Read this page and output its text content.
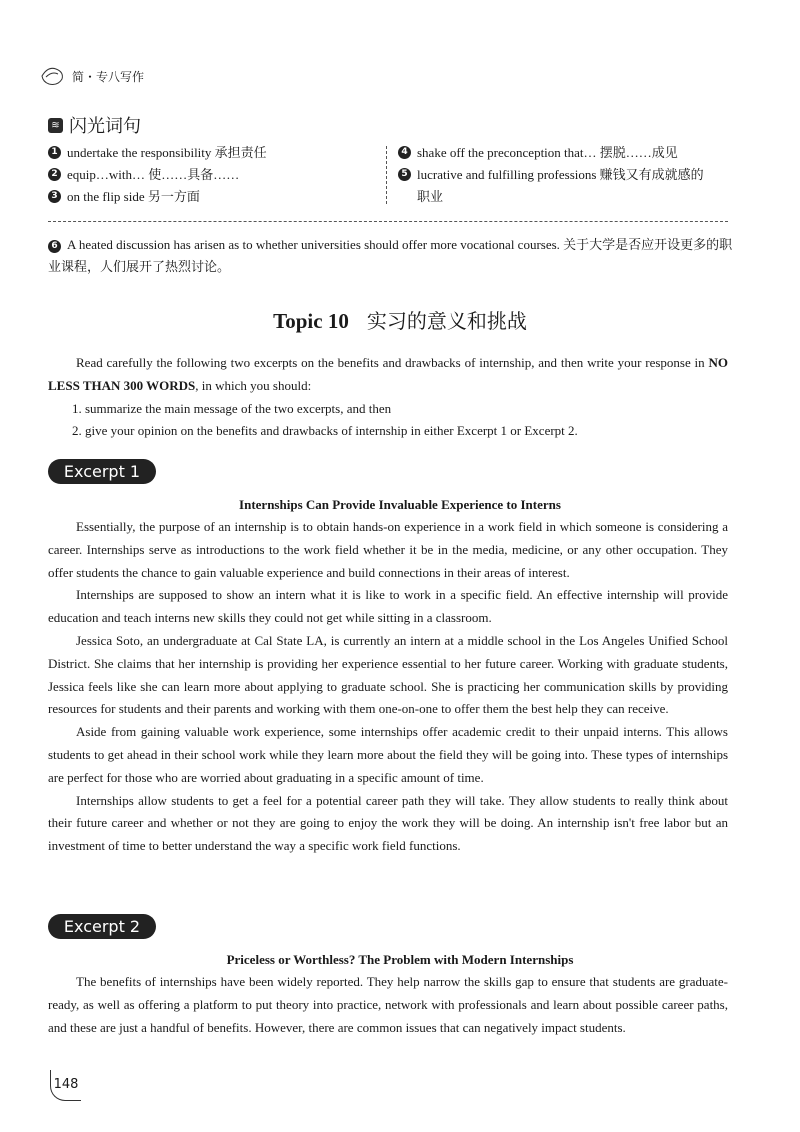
简・专八写作
≋ 闪光词句
1 undertake the responsibility 承担责任
2 equip…with… 使……具备……
3 on the flip side 另一方面
4 shake off the preconception that… 摆脱……成见
5 lucrative and fulfilling professions 赚钱又有成就感的
职业
6 A heated discussion has arisen as to whether universities should offer more vocational courses. 关于大学是否应开设更多的职业课程，人们展开了热烈讨论。
Topic 10 实习的意义和挑战

Read carefully the following two excerpts on the benefits and drawbacks of internship, and then write your response in NO LESS THAN 300 WORDS, in which you should:

1. summarize the main message of the two excerpts, and then

2. give your opinion on the benefits and drawbacks of internship in either Excerpt 1 or Excerpt 2.

Excerpt 1
Internships Can Provide Invaluable Experience to Interns

Essentially, the purpose of an internship is to obtain hands-on experience in a work field in which someone is considering a career. Internships serve as introductions to the work field whether it be in the media, medicine, or any other occupation. They offer students the chance to gain valuable experience and build connections in their areas of interest.

Internships are supposed to show an intern what it is like to work in a specific field. An effective internship will provide education and teach interns new skills they could not get while sitting in a classroom.

Jessica Soto, an undergraduate at Cal State LA, is currently an intern at a middle school in the Los Angeles Unified School District. She claims that her internship is providing her experience essential to her future career. Working with graduate students, Jessica feels like she can learn more about applying to graduate school. She is practicing her communication skills by providing resources for students and their parents and working with them one-on-one to offer them the best help they can receive.

Aside from gaining valuable work experience, some internships offer academic credit to their unpaid interns. This allows students to get ahead in their school work while they learn more about the field they will be going into. These types of internships are perfect for those who are worried about graduating in a specific amount of time.

Internships allow students to get a feel for a potential career path they will take. They allow students to really think about their future career and whether or not they are going to enjoy the work they will be doing. An internship isn't free labor but an investment of time to better understand the way a specific work field functions.

Excerpt 2
Priceless or Worthless? The Problem with Modern Internships

The benefits of internships have been widely reported. They help narrow the skills gap to ensure that students are graduate-ready, as well as offering a platform to put theory into practice, network with professionals and learn about possible career paths, and these are just a handful of benefits. However, there are common issues that can negatively impact students.

148
